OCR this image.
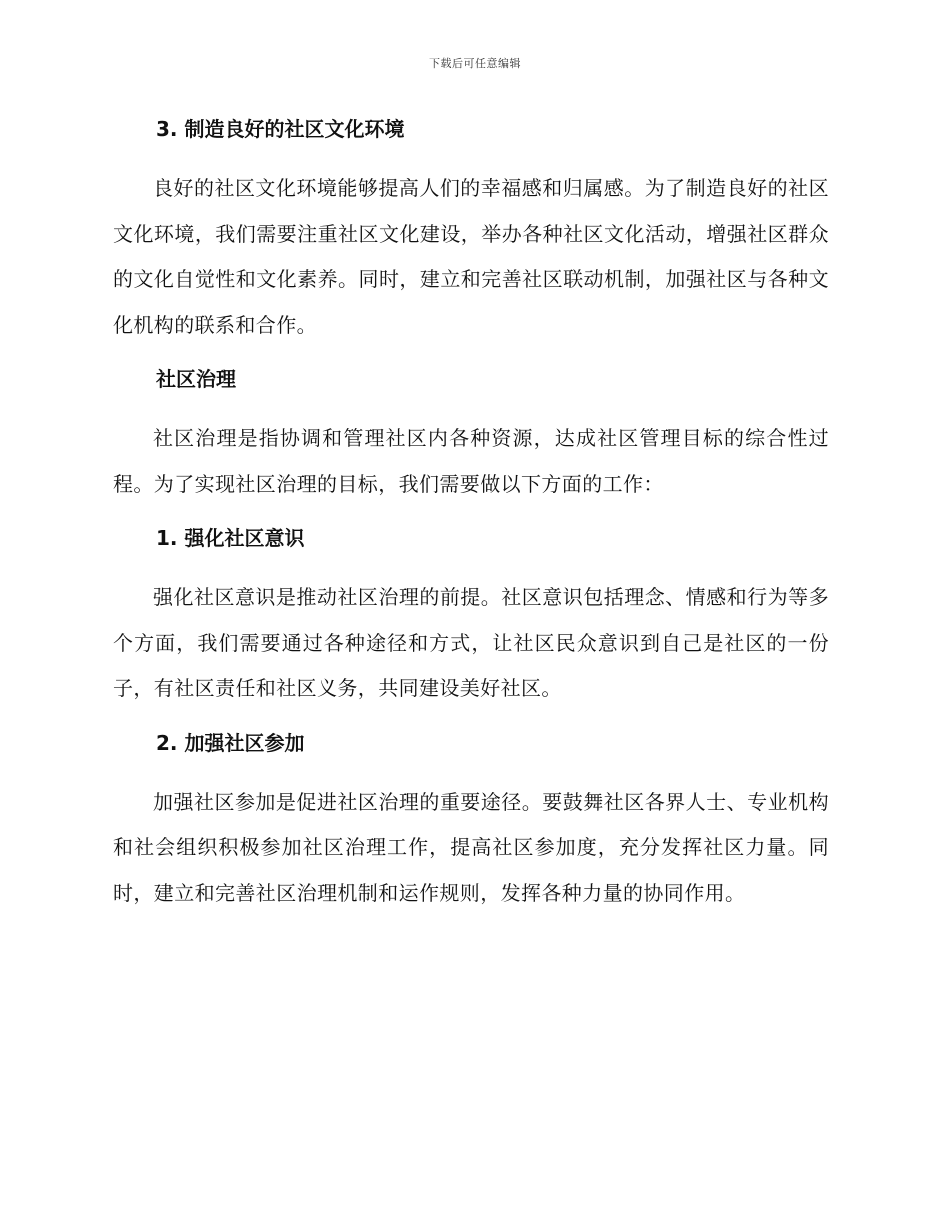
下载后可任意编辑
3. 制造良好的社区文化环境

良好的社区文化环境能够提高人们的幸福感和归属感。为了制造良好的社区文化环境，我们需要注重社区文化建设，举办各种社区文化活动，增强社区群众的文化自觉性和文化素养。同时，建立和完善社区联动机制，加强社区与各种文化机构的联系和合作。

社区治理

社区治理是指协调和管理社区内各种资源，达成社区管理目标的综合性过程。为了实现社区治理的目标，我们需要做以下方面的工作：

1. 强化社区意识

强化社区意识是推动社区治理的前提。社区意识包括理念、情感和行为等多个方面，我们需要通过各种途径和方式，让社区民众意识到自己是社区的一份子，有社区责任和社区义务，共同建设美好社区。

2. 加强社区参加

加强社区参加是促进社区治理的重要途径。要鼓舞社区各界人士、专业机构和社会组织积极参加社区治理工作，提高社区参加度，充分发挥社区力量。同时，建立和完善社区治理机制和运作规则，发挥各种力量的协同作用。
